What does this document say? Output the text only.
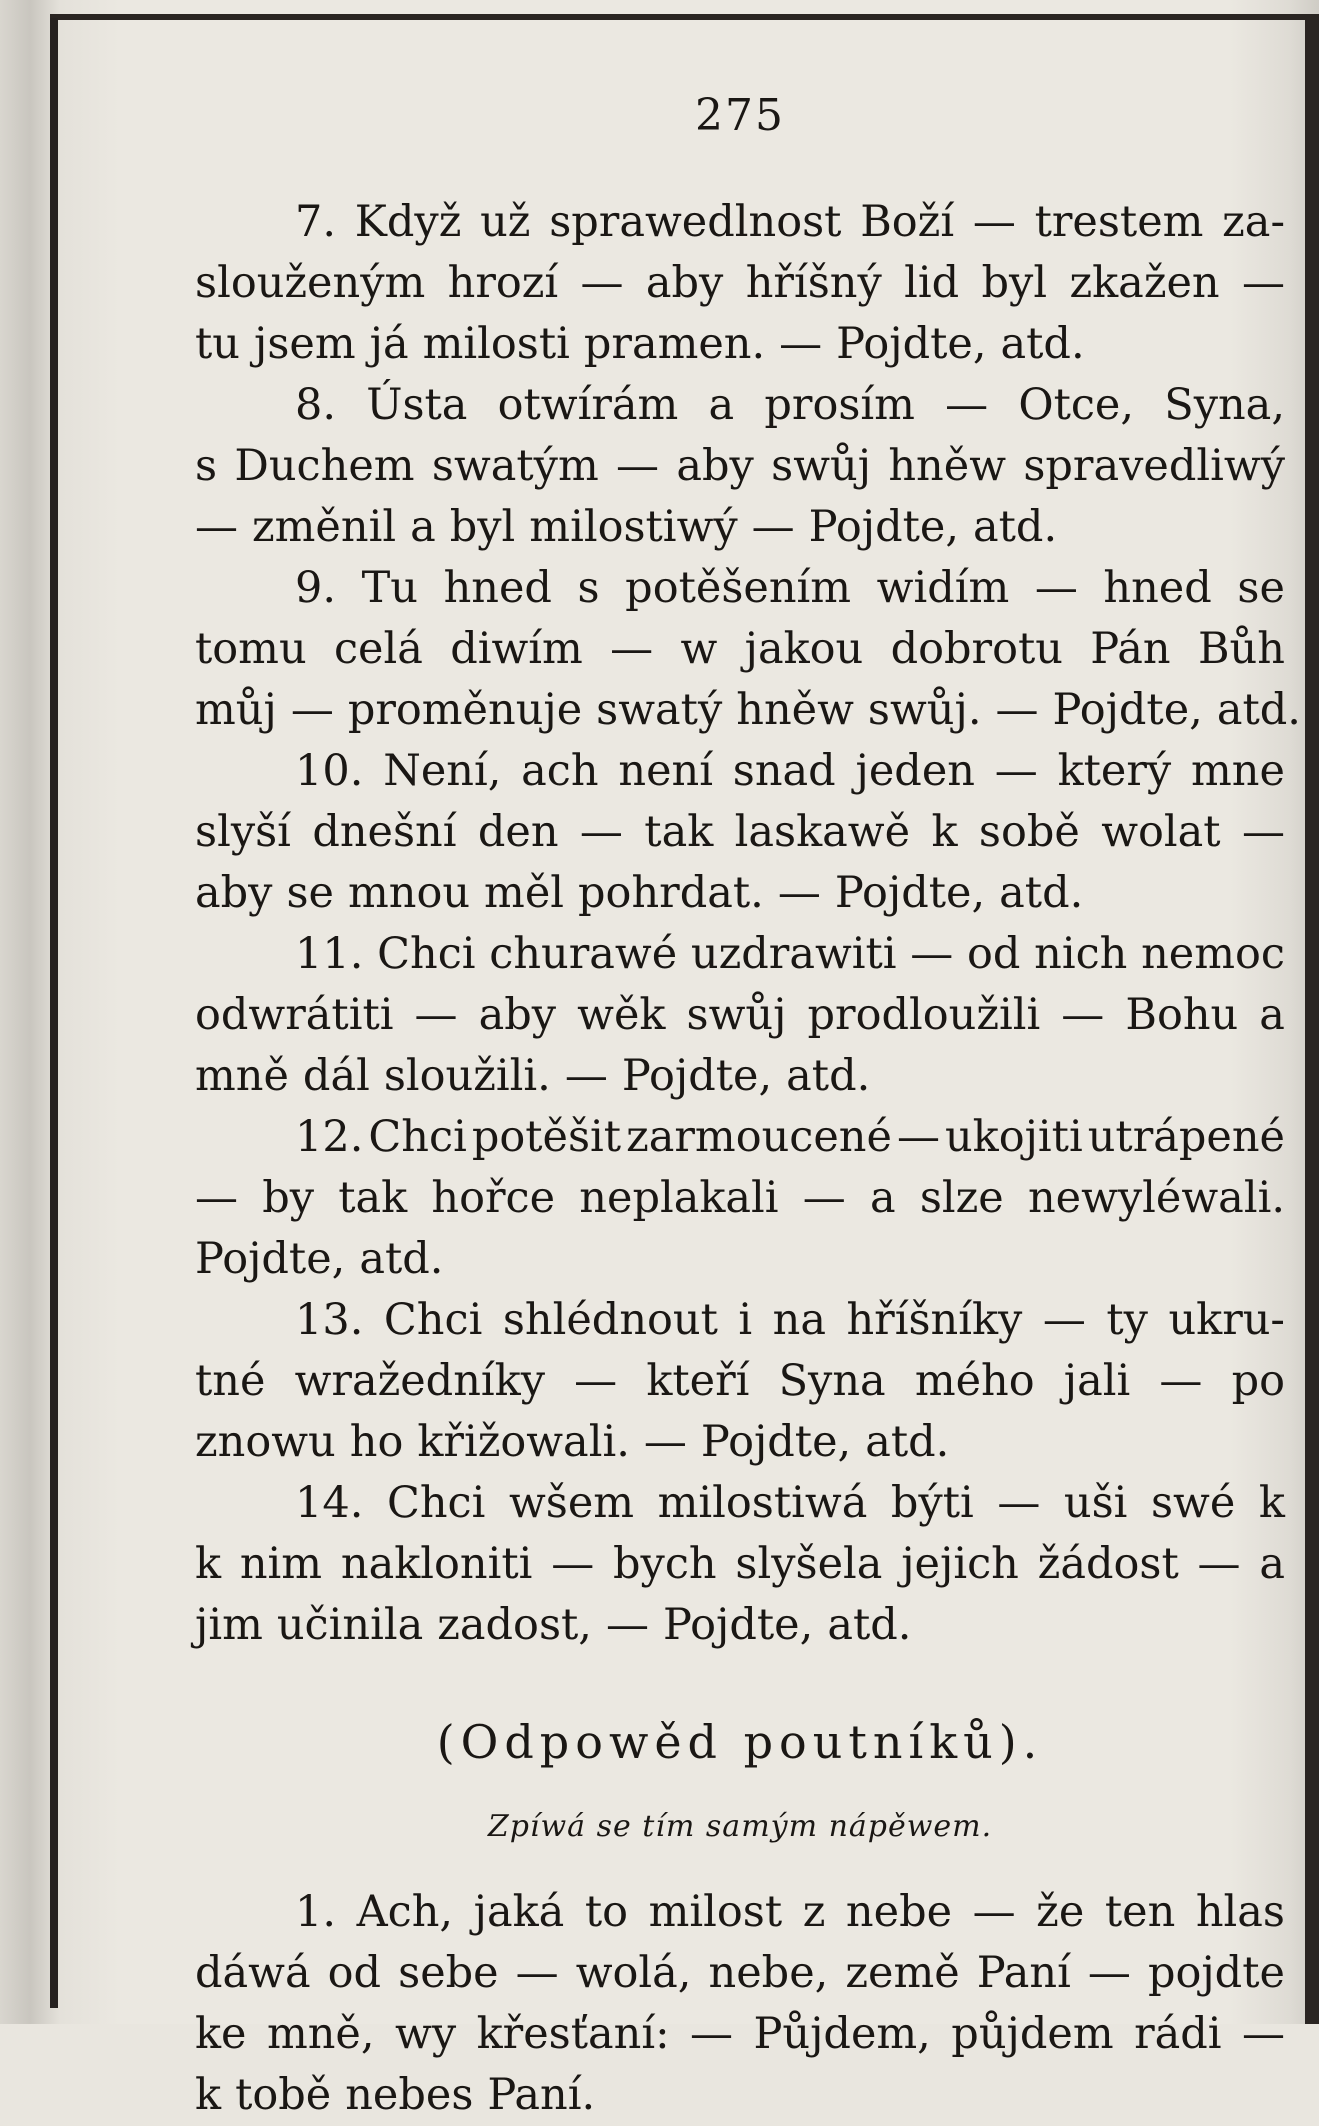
275
7. Když už sprawedlnost Boží — trestem za-
slouženým hrozí — aby hříšný lid byl zkažen —
tu jsem já milosti pramen. — Pojdte, atd.
8. Ústa otwírám a prosím — Otce, Syna,
s Duchem swatým — aby swůj hněw spravedliwý
— změnil a byl milostiwý — Pojdte, atd.
9. Tu hned s potěšením widím — hned se
tomu celá diwím — w jakou dobrotu Pán Bůh
můj — proměnuje swatý hněw swůj. — Pojdte, atd.
10. Není, ach není snad jeden — který mne
slyší dnešní den — tak laskawě k sobě wolat —
aby se mnou měl pohrdat. — Pojdte, atd.
11. Chci churawé uzdrawiti — od nich nemoc
odwrátiti — aby wěk swůj prodloužili — Bohu a
mně dál sloužili. — Pojdte, atd.
12. Chci potěšit zarmoucené — ukojiti utrápené
— by tak hořce neplakali — a slze newyléwali.
Pojdte, atd.
13. Chci shlédnout i na hříšníky — ty ukru-
tné wražedníky — kteří Syna mého jali — po
znowu ho křižowali. — Pojdte, atd.
14. Chci wšem milostiwá býti — uši swé k
k nim nakloniti — bych slyšela jejich žádost — a
jim učinila zadost, — Pojdte, atd.
(Odpowěd poutníků).
Zpíwá se tím samým nápěwem.
1. Ach, jaká to milost z nebe — že ten hlas
dáwá od sebe — wolá, nebe, země Paní — pojdte
ke mně, wy křesťaní: — Půjdem, půjdem rádi —
k tobě nebes Paní.
